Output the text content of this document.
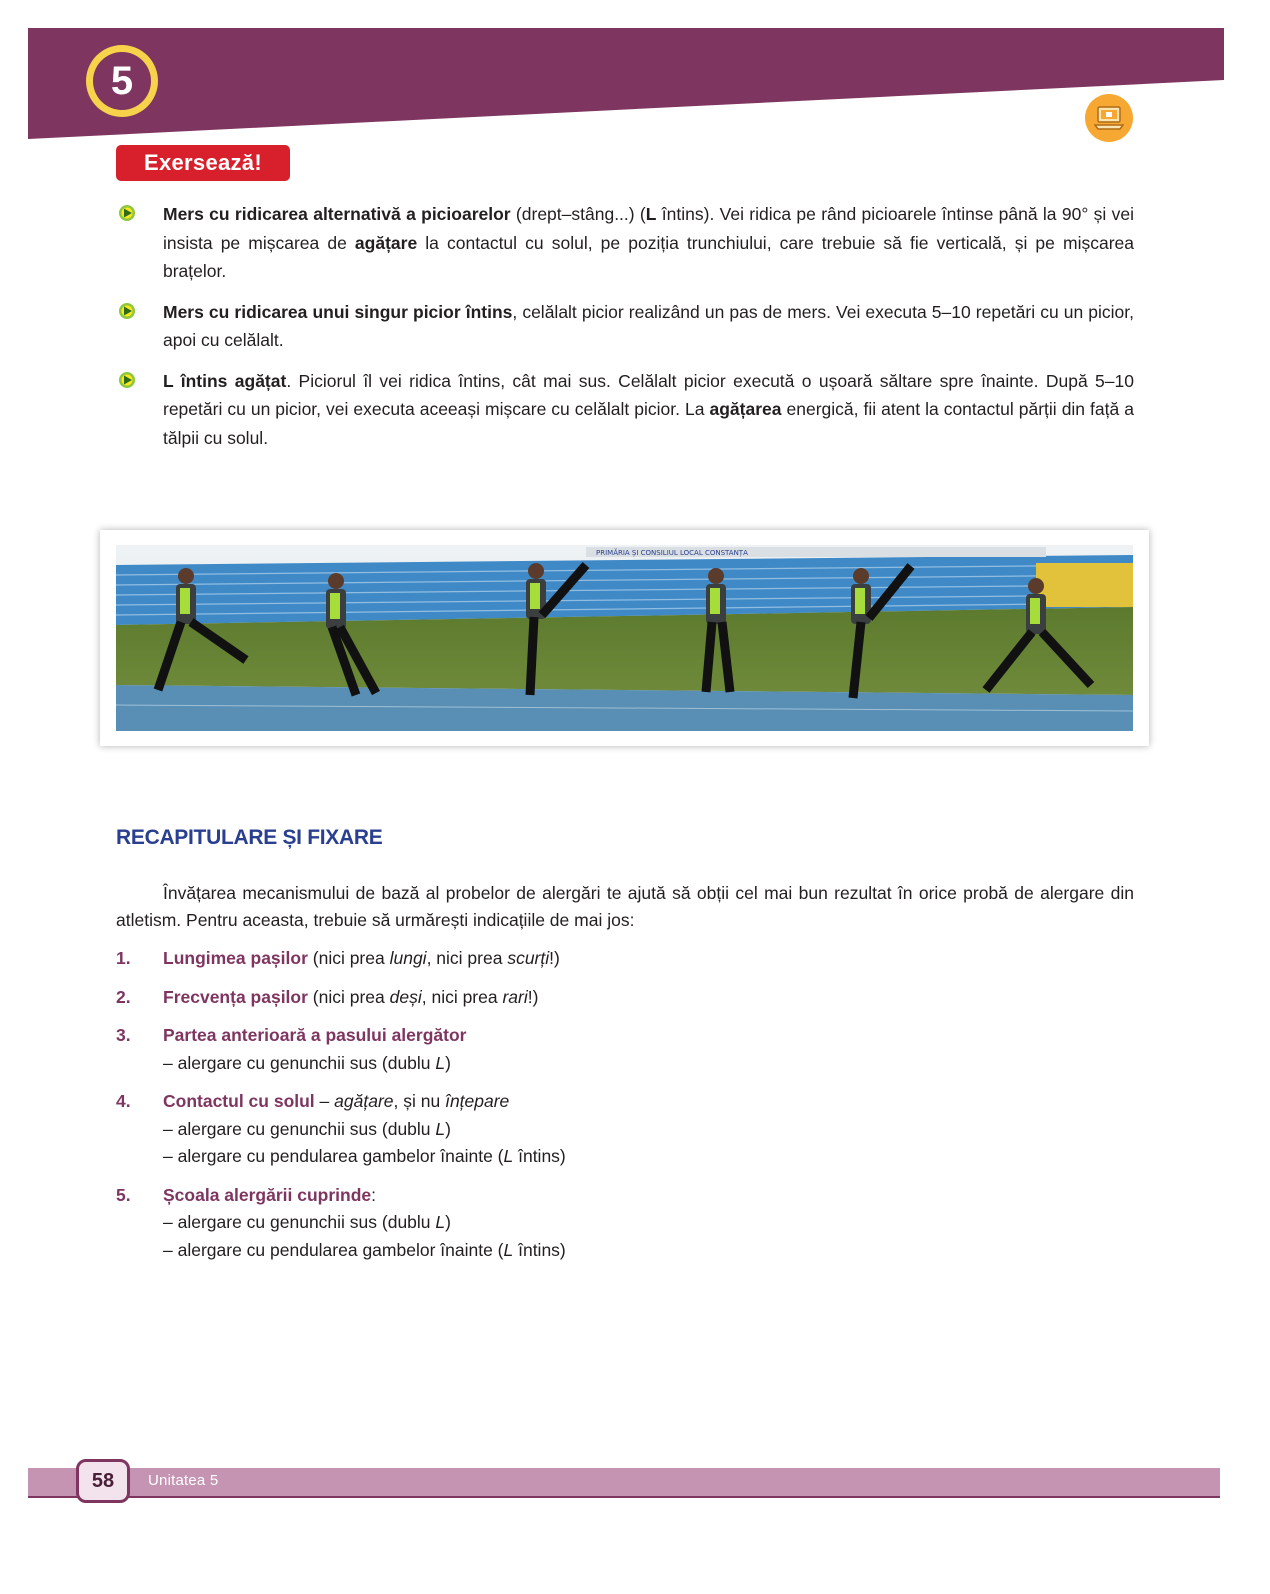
5
Exersează!
Mers cu ridicarea alternativă a picioarelor (drept–stâng...) (L întins). Vei ridica pe rând picioarele întinse până la 90° și vei insista pe mișcarea de agățare la contactul cu solul, pe poziția trunchiului, care trebuie să fie verticală, și pe mișcarea brațelor.
Mers cu ridicarea unui singur picior întins, celălalt picior realizând un pas de mers. Vei executa 5–10 repetări cu un picior, apoi cu celălalt.
L întins agățat. Piciorul îl vei ridica întins, cât mai sus. Celălalt picior execută o ușoară săltare spre înainte. După 5–10 repetări cu un picior, vei executa aceeași mișcare cu celălalt picior. La agățarea energică, fii atent la contactul părții din față a tălpii cu solul.
PRIMĂRIA ȘI CONSILIUL LOCAL CONSTANȚA
RECAPITULARE ȘI FIXARE

Învățarea mecanismului de bază al probelor de alergări te ajută să obții cel mai bun rezultat în orice probă de alergare din atletism. Pentru aceasta, trebuie să urmărești indicațiile de mai jos:

1. Lungimea pașilor (nici prea lungi, nici prea scurți!)
2. Frecvența pașilor (nici prea deși, nici prea rari!)
3. Partea anterioară a pasului alergător
– alergare cu genunchii sus (dublu L)
4. Contactul cu solul – agățare, și nu înțepare
– alergare cu genunchii sus (dublu L)
– alergare cu pendularea gambelor înainte (L întins)
5. Școala alergării cuprinde:
– alergare cu genunchii sus (dublu L)
– alergare cu pendularea gambelor înainte (L întins)
58	Unitatea 5
